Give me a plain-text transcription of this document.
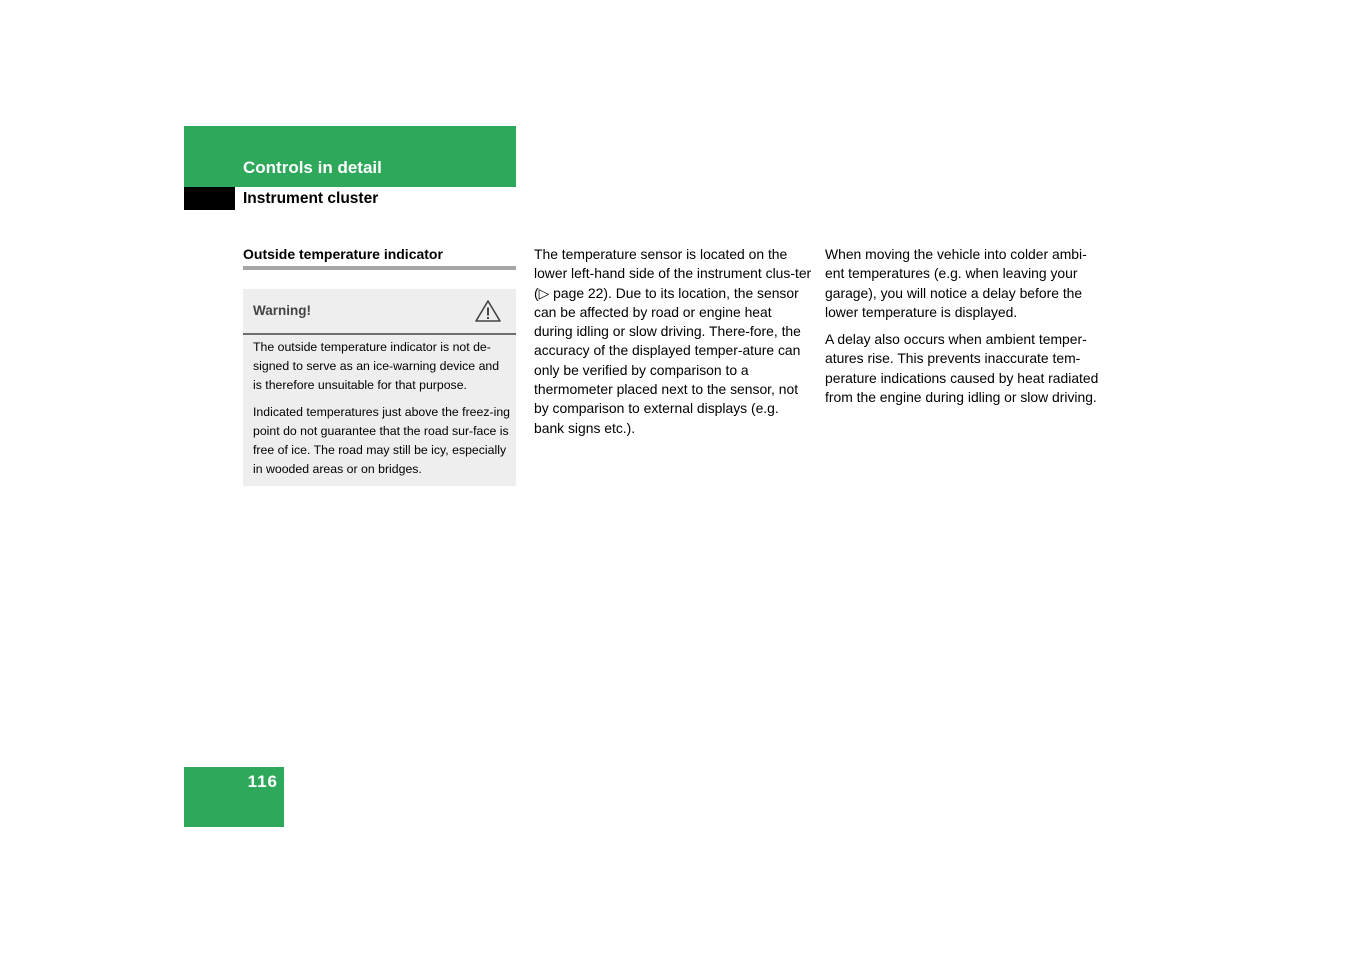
Controls in detail
Instrument cluster
Outside temperature indicator
Warning!

The outside temperature indicator is not de-signed to serve as an ice-warning device and is therefore unsuitable for that purpose.

Indicated temperatures just above the freez-ing point do not guarantee that the road sur-face is free of ice. The road may still be icy, especially in wooded areas or on bridges.

The temperature sensor is located on the lower left-hand side of the instrument clus-ter (▷ page 22). Due to its location, the sensor can be affected by road or engine heat during idling or slow driving. There-fore, the accuracy of the displayed temper-ature can only be verified by comparison to a thermometer placed next to the sensor, not by comparison to external displays (e.g. bank signs etc.).

When moving the vehicle into colder ambi-ent temperatures (e.g. when leaving your garage), you will notice a delay before the lower temperature is displayed.

A delay also occurs when ambient temper-atures rise. This prevents inaccurate tem-perature indications caused by heat radiated from the engine during idling or slow driving.

116
